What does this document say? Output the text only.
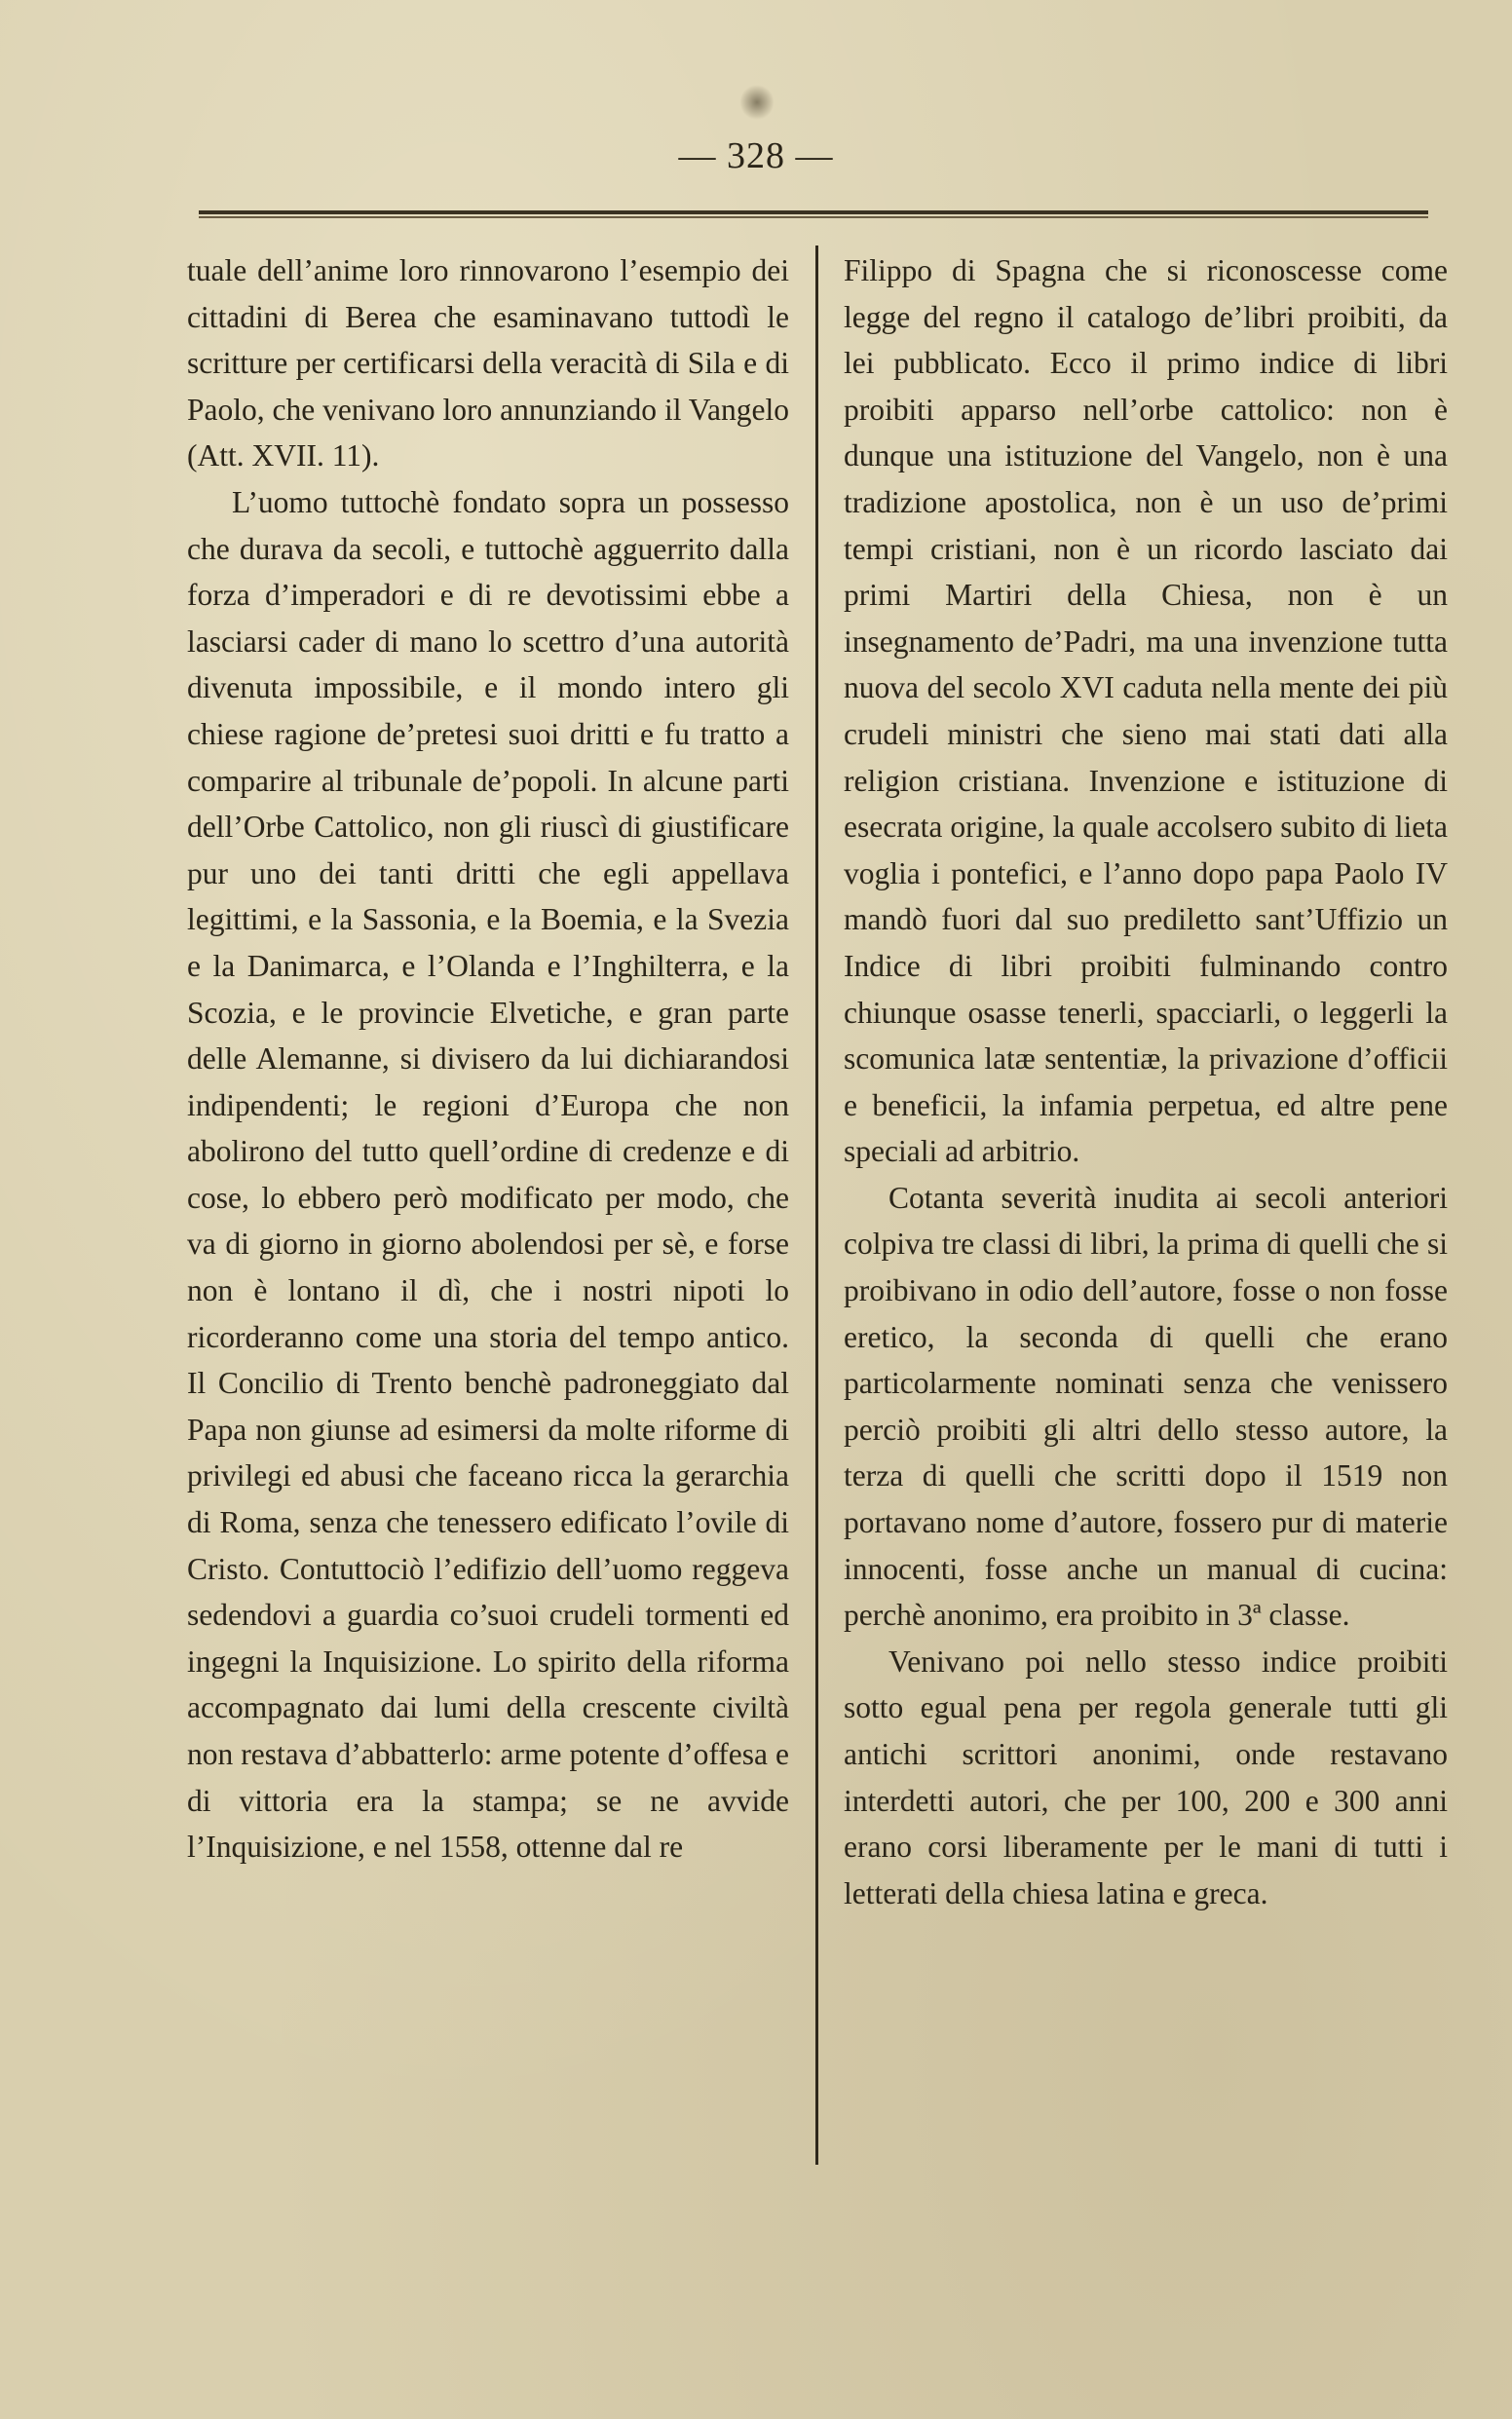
— 328 —

tuale dell’anime loro rinnovarono l’esempio dei cittadini di Berea che esaminavano tuttodì le scritture per certificarsi della veracità di Sila e di Paolo, che venivano loro annunziando il Vangelo (Att. XVII. 11).

L’uomo tuttochè fondato sopra un possesso che durava da secoli, e tuttochè agguerrito dalla forza d’imperadori e di re devotissimi ebbe a lasciarsi cader di mano lo scettro d’una autorità divenuta impossibile, e il mondo intero gli chiese ragione de’pretesi suoi dritti e fu tratto a comparire al tribunale de’popoli. In alcune parti dell’Orbe Cattolico, non gli riuscì di giustificare pur uno dei tanti dritti che egli appellava legittimi, e la Sassonia, e la Boemia, e la Svezia e la Danimarca, e l’Olanda e l’Inghilterra, e la Scozia, e le provincie Elvetiche, e gran parte delle Alemanne, si divisero da lui dichiarandosi indipendenti; le regioni d’Europa che non abolirono del tutto quell’ordine di credenze e di cose, lo ebbero però modificato per modo, che va di giorno in giorno abolendosi per sè, e forse non è lontano il dì, che i nostri nipoti lo ricorderanno come una storia del tempo antico. Il Concilio di Trento benchè padroneggiato dal Papa non giunse ad esimersi da molte riforme di privilegi ed abusi che faceano ricca la gerarchia di Roma, senza che tenessero edificato l’ovile di Cristo. Contuttociò l’edifizio dell’uomo reggeva sedendovi a guardia co’suoi crudeli tormenti ed ingegni la Inquisizione. Lo spirito della riforma accompagnato dai lumi della crescente civiltà non restava d’abbatterlo: arme potente d’offesa e di vittoria era la stampa; se ne avvide l’Inquisizione, e nel 1558, ottenne dal re

Filippo di Spagna che si riconoscesse come legge del regno il catalogo de’libri proibiti, da lei pubblicato. Ecco il primo indice di libri proibiti apparso nell’orbe cattolico: non è dunque una istituzione del Vangelo, non è una tradizione apostolica, non è un uso de’primi tempi cristiani, non è un ricordo lasciato dai primi Martiri della Chiesa, non è un insegnamento de’Padri, ma una invenzione tutta nuova del secolo XVI caduta nella mente dei più crudeli ministri che sieno mai stati dati alla religion cristiana. Invenzione e istituzione di esecrata origine, la quale accolsero subito di lieta voglia i pontefici, e l’anno dopo papa Paolo IV mandò fuori dal suo prediletto sant’Uffizio un Indice di libri proibiti fulminando contro chiunque osasse tenerli, spacciarli, o leggerli la scomunica latæ sententiæ, la privazione d’officii e beneficii, la infamia perpetua, ed altre pene speciali ad arbitrio.

Cotanta severità inudita ai secoli anteriori colpiva tre classi di libri, la prima di quelli che si proibivano in odio dell’autore, fosse o non fosse eretico, la seconda di quelli che erano particolarmente nominati senza che venissero perciò proibiti gli altri dello stesso autore, la terza di quelli che scritti dopo il 1519 non portavano nome d’autore, fossero pur di materie innocenti, fosse anche un manual di cucina: perchè anonimo, era proibito in 3ª classe.

Venivano poi nello stesso indice proibiti sotto egual pena per regola generale tutti gli antichi scrittori anonimi, onde restavano interdetti autori, che per 100, 200 e 300 anni erano corsi liberamente per le mani di tutti i letterati della chiesa latina e greca.
